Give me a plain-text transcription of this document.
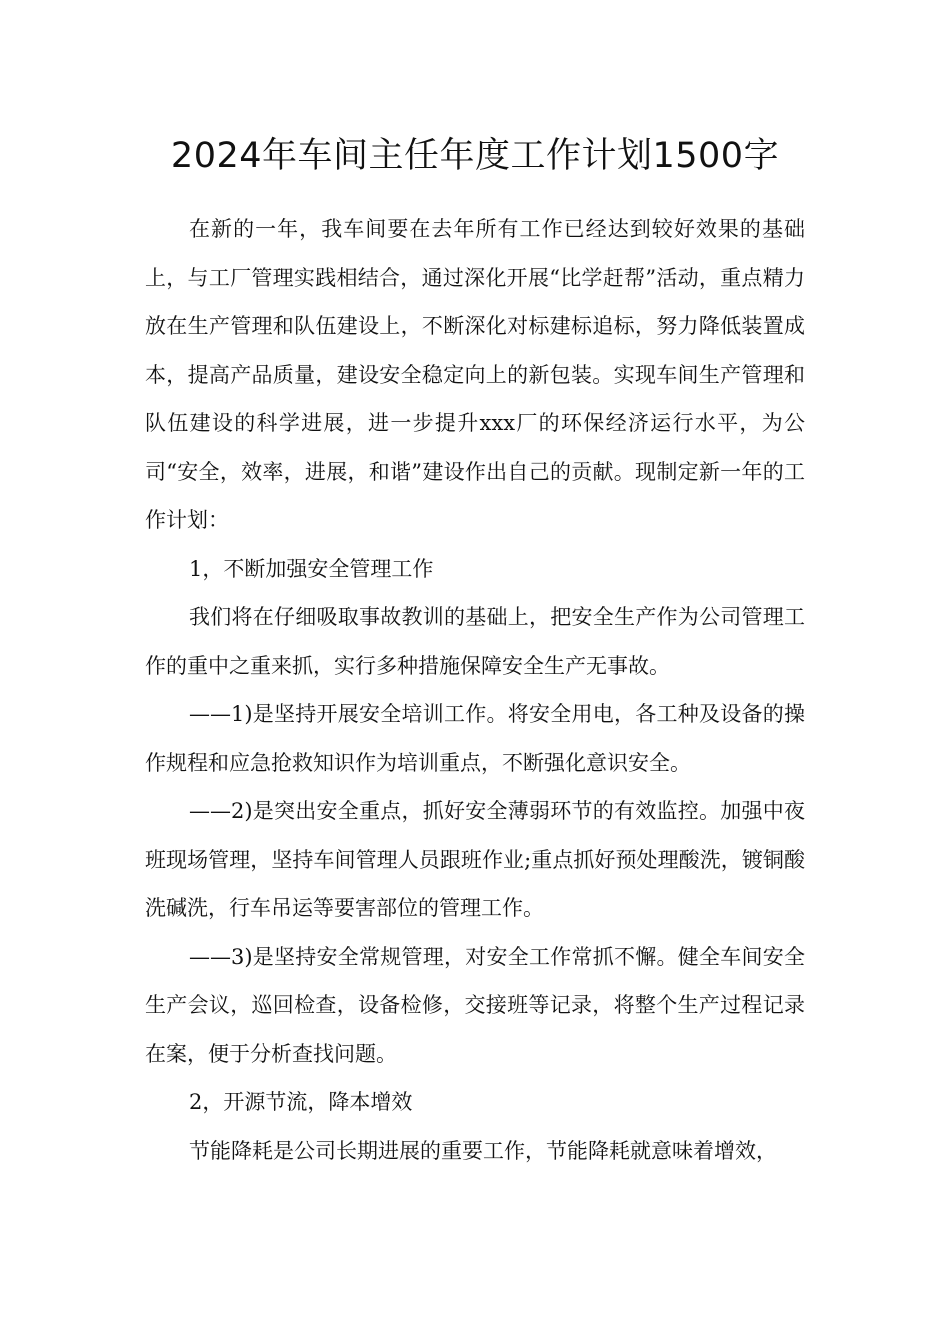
2024年车间主任年度工作计划1500字

在新的一年，我车间要在去年所有工作已经达到较好效果的基础上，与工厂管理实践相结合，通过深化开展“比学赶帮”活动，重点精力放在生产管理和队伍建设上，不断深化对标建标追标，努力降低装置成本，提高产品质量，建设安全稳定向上的新包装。实现车间生产管理和队伍建设的科学进展，进一步提升xxx厂的环保经济运行水平，为公司“安全，效率，进展，和谐”建设作出自己的贡献。现制定新一年的工作计划：

1，不断加强安全管理工作

我们将在仔细吸取事故教训的基础上，把安全生产作为公司管理工作的重中之重来抓，实行多种措施保障安全生产无事故。

——1)是坚持开展安全培训工作。将安全用电，各工种及设备的操作规程和应急抢救知识作为培训重点，不断强化意识安全。

——2)是突出安全重点，抓好安全薄弱环节的有效监控。加强中夜班现场管理，坚持车间管理人员跟班作业;重点抓好预处理酸洗，镀铜酸洗碱洗，行车吊运等要害部位的管理工作。

——3)是坚持安全常规管理，对安全工作常抓不懈。健全车间安全生产会议，巡回检查，设备检修，交接班等记录，将整个生产过程记录在案，便于分析查找问题。

2，开源节流，降本增效

节能降耗是公司长期进展的重要工作，节能降耗就意味着增效，
